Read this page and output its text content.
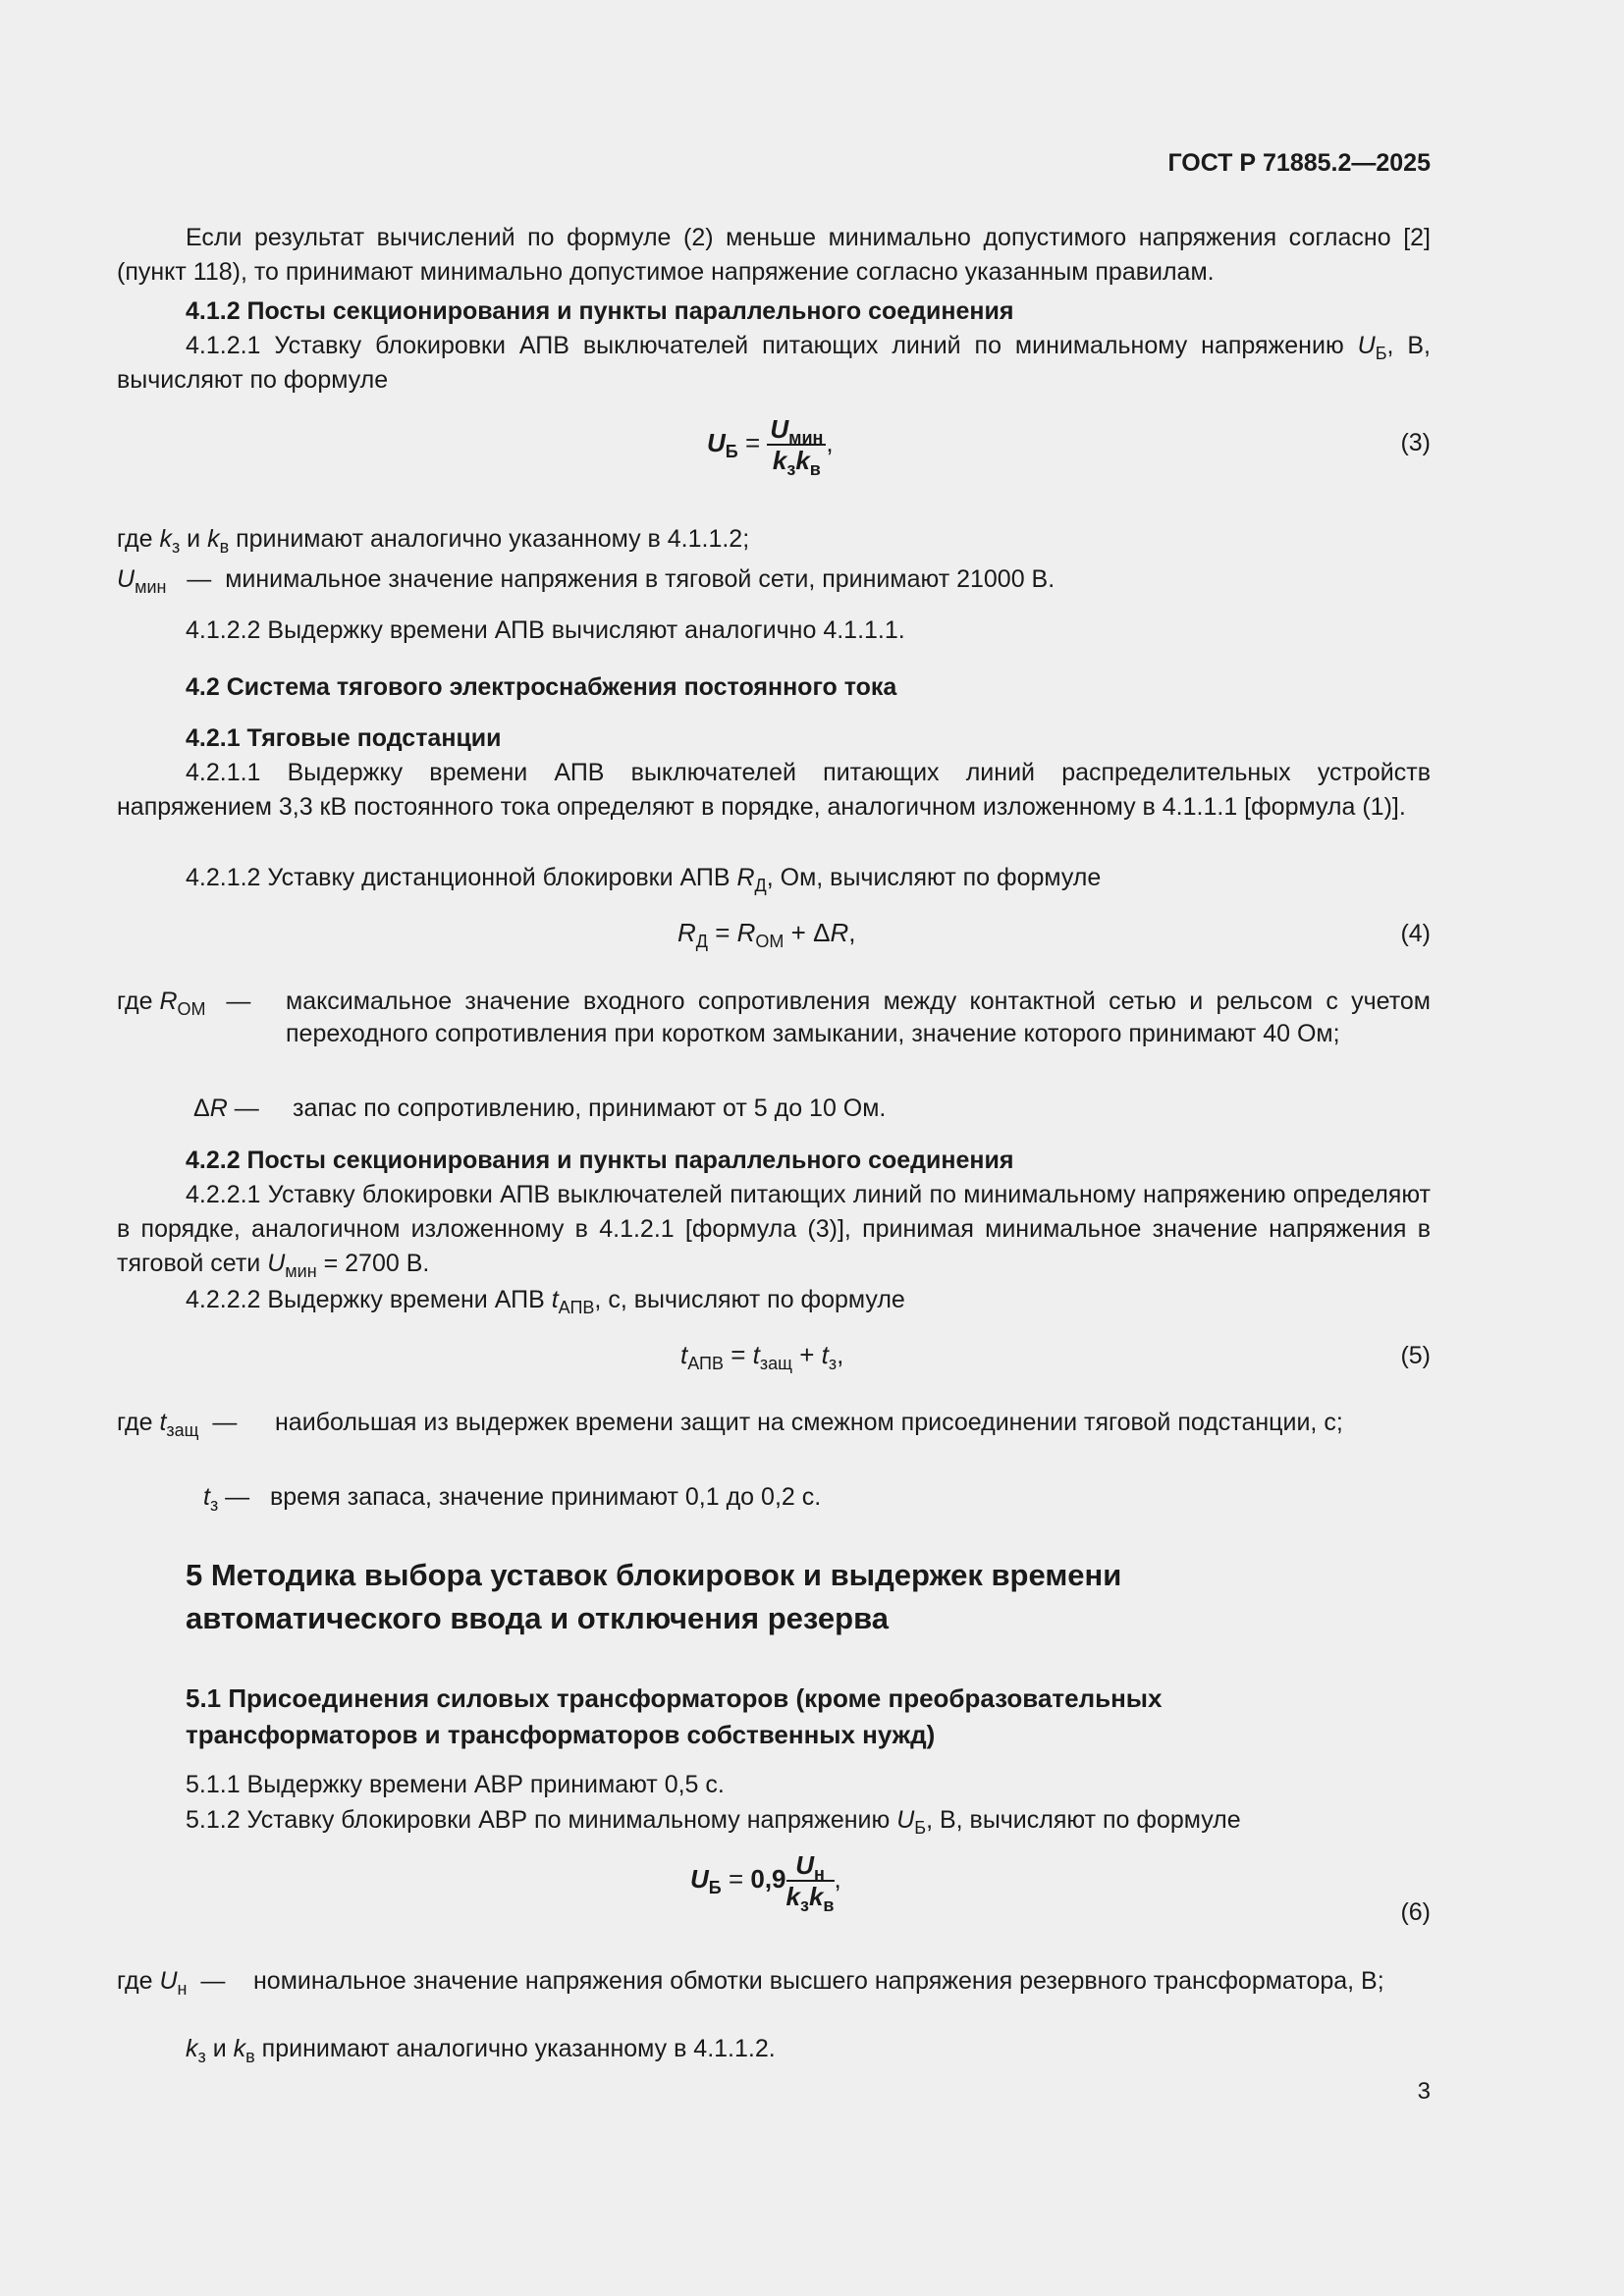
ГОСТ Р 71885.2—2025
Если результат вычислений по формуле (2) меньше минимально допустимого напряжения согласно [2] (пункт 118), то принимают минимально допустимое напряжение согласно указанным правилам.
4.1.2 Посты секционирования и пункты параллельного соединения
4.1.2.1 Уставку блокировки АПВ выключателей питающих линий по минимальному напряжению $U_Б$, В, вычисляют по формуле
$U_Б = \frac{U_{мин}}{k_зk_в}$ ,	(3)
где $k_з$ и $k_в$ принимают аналогично указанному в 4.1.1.2;
$U_{мин}$ — минимальное значение напряжения в тяговой сети, принимают 21000 В.
4.1.2.2 Выдержку времени АПВ вычисляют аналогично 4.1.1.1.
4.2 Система тягового электроснабжения постоянного тока
4.2.1 Тяговые подстанции
4.2.1.1 Выдержку времени АПВ выключателей питающих линий распределительных устройств напряжением 3,3 кВ постоянного тока определяют в порядке, аналогичном изложенному в 4.1.1.1 [формула (1)].
4.2.1.2 Уставку дистанционной блокировки АПВ $R_Д$, Ом, вычисляют по формуле
$R_Д = R_{ОМ} + \Delta R$,	(4)
где $R_{ОМ}$ — максимальное значение входного сопротивления между контактной сетью и рельсом с учетом переходного сопротивления при коротком замыкании, значение которого принимают 40 Ом;
ΔR — запас по сопротивлению, принимают от 5 до 10 Ом.
4.2.2 Посты секционирования и пункты параллельного соединения
4.2.2.1 Уставку блокировки АПВ выключателей питающих линий по минимальному напряжению определяют в порядке, аналогичном изложенному в 4.1.2.1 [формула (3)], принимая минимальное значение напряжения в тяговой сети $U_{мин} = 2700$ В.
4.2.2.2 Выдержку времени АПВ $t_{АПВ}$, с, вычисляют по формуле
$t_{АПВ} = t_{защ} + t_з$,	(5)
где $t_{защ}$ — наибольшая из выдержек времени защит на смежном присоединении тяговой подстанции, с;
$t_з$ — время запаса, значение принимают 0,1 до 0,2 с.
5 Методика выбора уставок блокировок и выдержек времени
автоматического ввода и отключения резерва
5.1 Присоединения силовых трансформаторов (кроме преобразовательных
трансформаторов и трансформаторов собственных нужд)
5.1.1 Выдержку времени АВР принимают 0,5 с.
5.1.2 Уставку блокировки АВР по минимальному напряжению $U_Б$, В, вычисляют по формуле
$U_Б = 0,9 \frac{U_н}{k_зk_в}$ ,
(6)
где $U_н$ — номинальное значение напряжения обмотки высшего напряжения резервного трансформатора, В;
$k_з$ и $k_в$ принимают аналогично указанному в 4.1.1.2.
3
